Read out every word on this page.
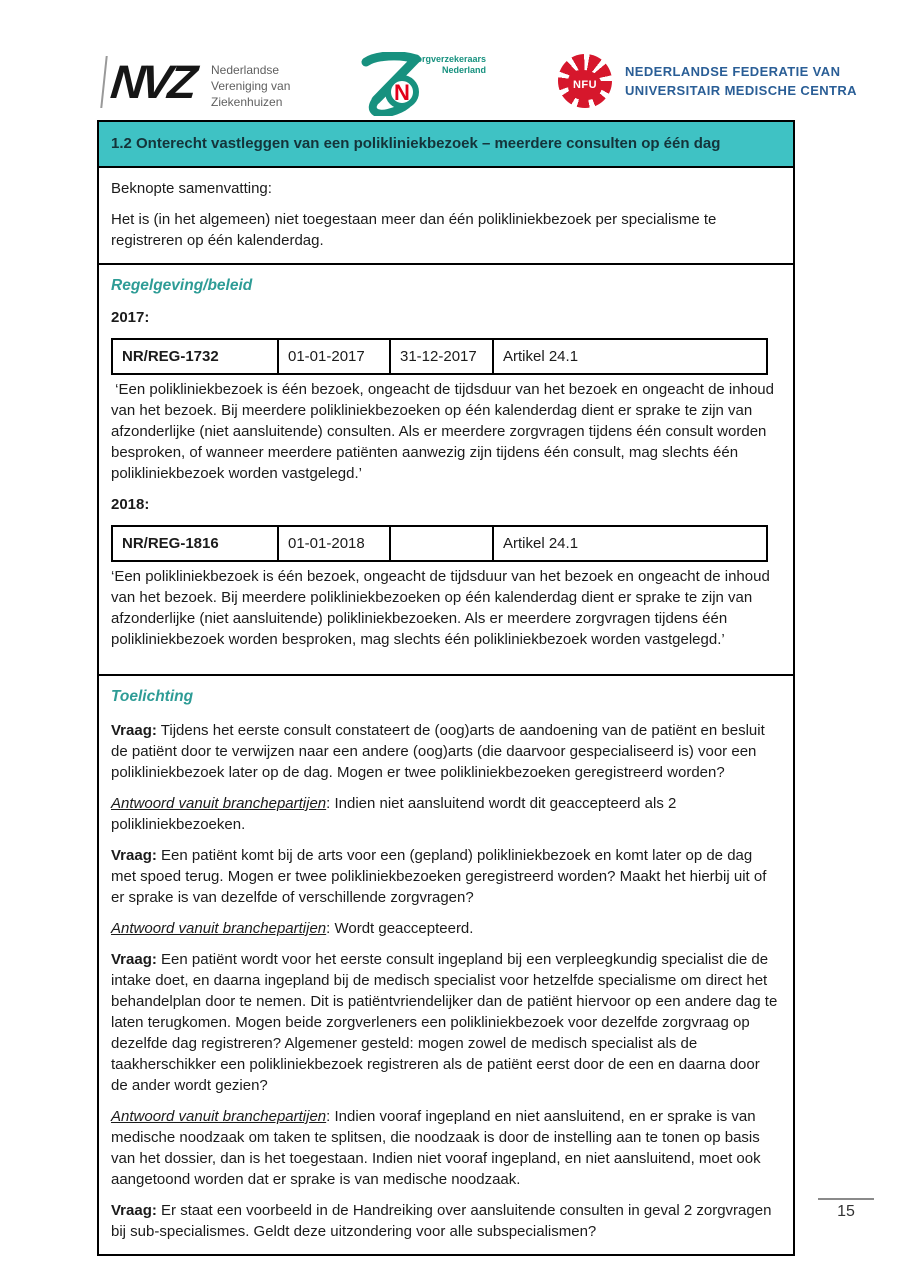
NVZ Nederlandse
Vereniging van
Ziekenhuizen	N
Zorgverzekeraars
Nederland
NFU
NEDERLANDSE FEDERATIE VAN
UNIVERSITAIR MEDISCHE CENTRA
1.2 Onterecht vastleggen van een polikliniekbezoek – meerdere consulten op één dag

Beknopte samenvatting:

Het is (in het algemeen) niet toegestaan meer dan één polikliniekbezoek per specialisme te registreren op één kalenderdag.

Regelgeving/beleid

2017:

NR/REG-1732	01-01-2017	31-12-2017	Artikel 24.1

‘Een polikliniekbezoek is één bezoek, ongeacht de tijdsduur van het bezoek en ongeacht de inhoud van het bezoek. Bij meerdere polikliniekbezoeken op één kalenderdag dient er sprake te zijn van afzonderlijke (niet aansluitende) consulten. Als er meerdere zorgvragen tijdens één consult worden besproken, of wanneer meerdere patiënten aanwezig zijn tijdens één consult, mag slechts één polikliniekbezoek worden vastgelegd.’

2018:

NR/REG-1816	01-01-2018		Artikel 24.1

‘Een polikliniekbezoek is één bezoek, ongeacht de tijdsduur van het bezoek en ongeacht de inhoud van het bezoek. Bij meerdere polikliniekbezoeken op één kalenderdag dient er sprake te zijn van afzonderlijke (niet aansluitende) polikliniekbezoeken. Als er meerdere zorgvragen tijdens één polikliniekbezoek worden besproken, mag slechts één polikliniekbezoek worden vastgelegd.’

Toelichting

Vraag: Tijdens het eerste consult constateert de (oog)arts de aandoening van de patiënt en besluit de patiënt door te verwijzen naar een andere (oog)arts (die daarvoor gespecialiseerd is) voor een polikliniekbezoek later op de dag. Mogen er twee polikliniekbezoeken geregistreerd worden?

Antwoord vanuit branchepartijen: Indien niet aansluitend wordt dit geaccepteerd als 2 polikliniekbezoeken.

Vraag: Een patiënt komt bij de arts voor een (gepland) polikliniekbezoek en komt later op de dag met spoed terug. Mogen er twee polikliniekbezoeken geregistreerd worden? Maakt het hierbij uit of er sprake is van dezelfde of verschillende zorgvragen?

Antwoord vanuit branchepartijen: Wordt geaccepteerd.

Vraag: Een patiënt wordt voor het eerste consult ingepland bij een verpleegkundig specialist die de intake doet, en daarna ingepland bij de medisch specialist voor hetzelfde specialisme om direct het behandelplan door te nemen. Dit is patiëntvriendelijker dan de patiënt hiervoor op een andere dag te laten terugkomen. Mogen beide zorgverleners een polikliniekbezoek voor dezelfde zorgvraag op dezelfde dag registreren? Algemener gesteld: mogen zowel de medisch specialist als de taakherschikker een polikliniekbezoek registreren als de patiënt eerst door de een en daarna door de ander wordt gezien?

Antwoord vanuit branchepartijen: Indien vooraf ingepland en niet aansluitend, en er sprake is van medische noodzaak om taken te splitsen, die noodzaak is door de instelling aan te tonen op basis van het dossier, dan is het toegestaan. Indien niet vooraf ingepland, en niet aansluitend, moet ook aangetoond worden dat er sprake is van medische noodzaak.

Vraag: Er staat een voorbeeld in de Handreiking over aansluitende consulten in geval 2 zorgvragen bij sub-specialismes. Geldt deze uitzondering voor alle subspecialismen?

15
